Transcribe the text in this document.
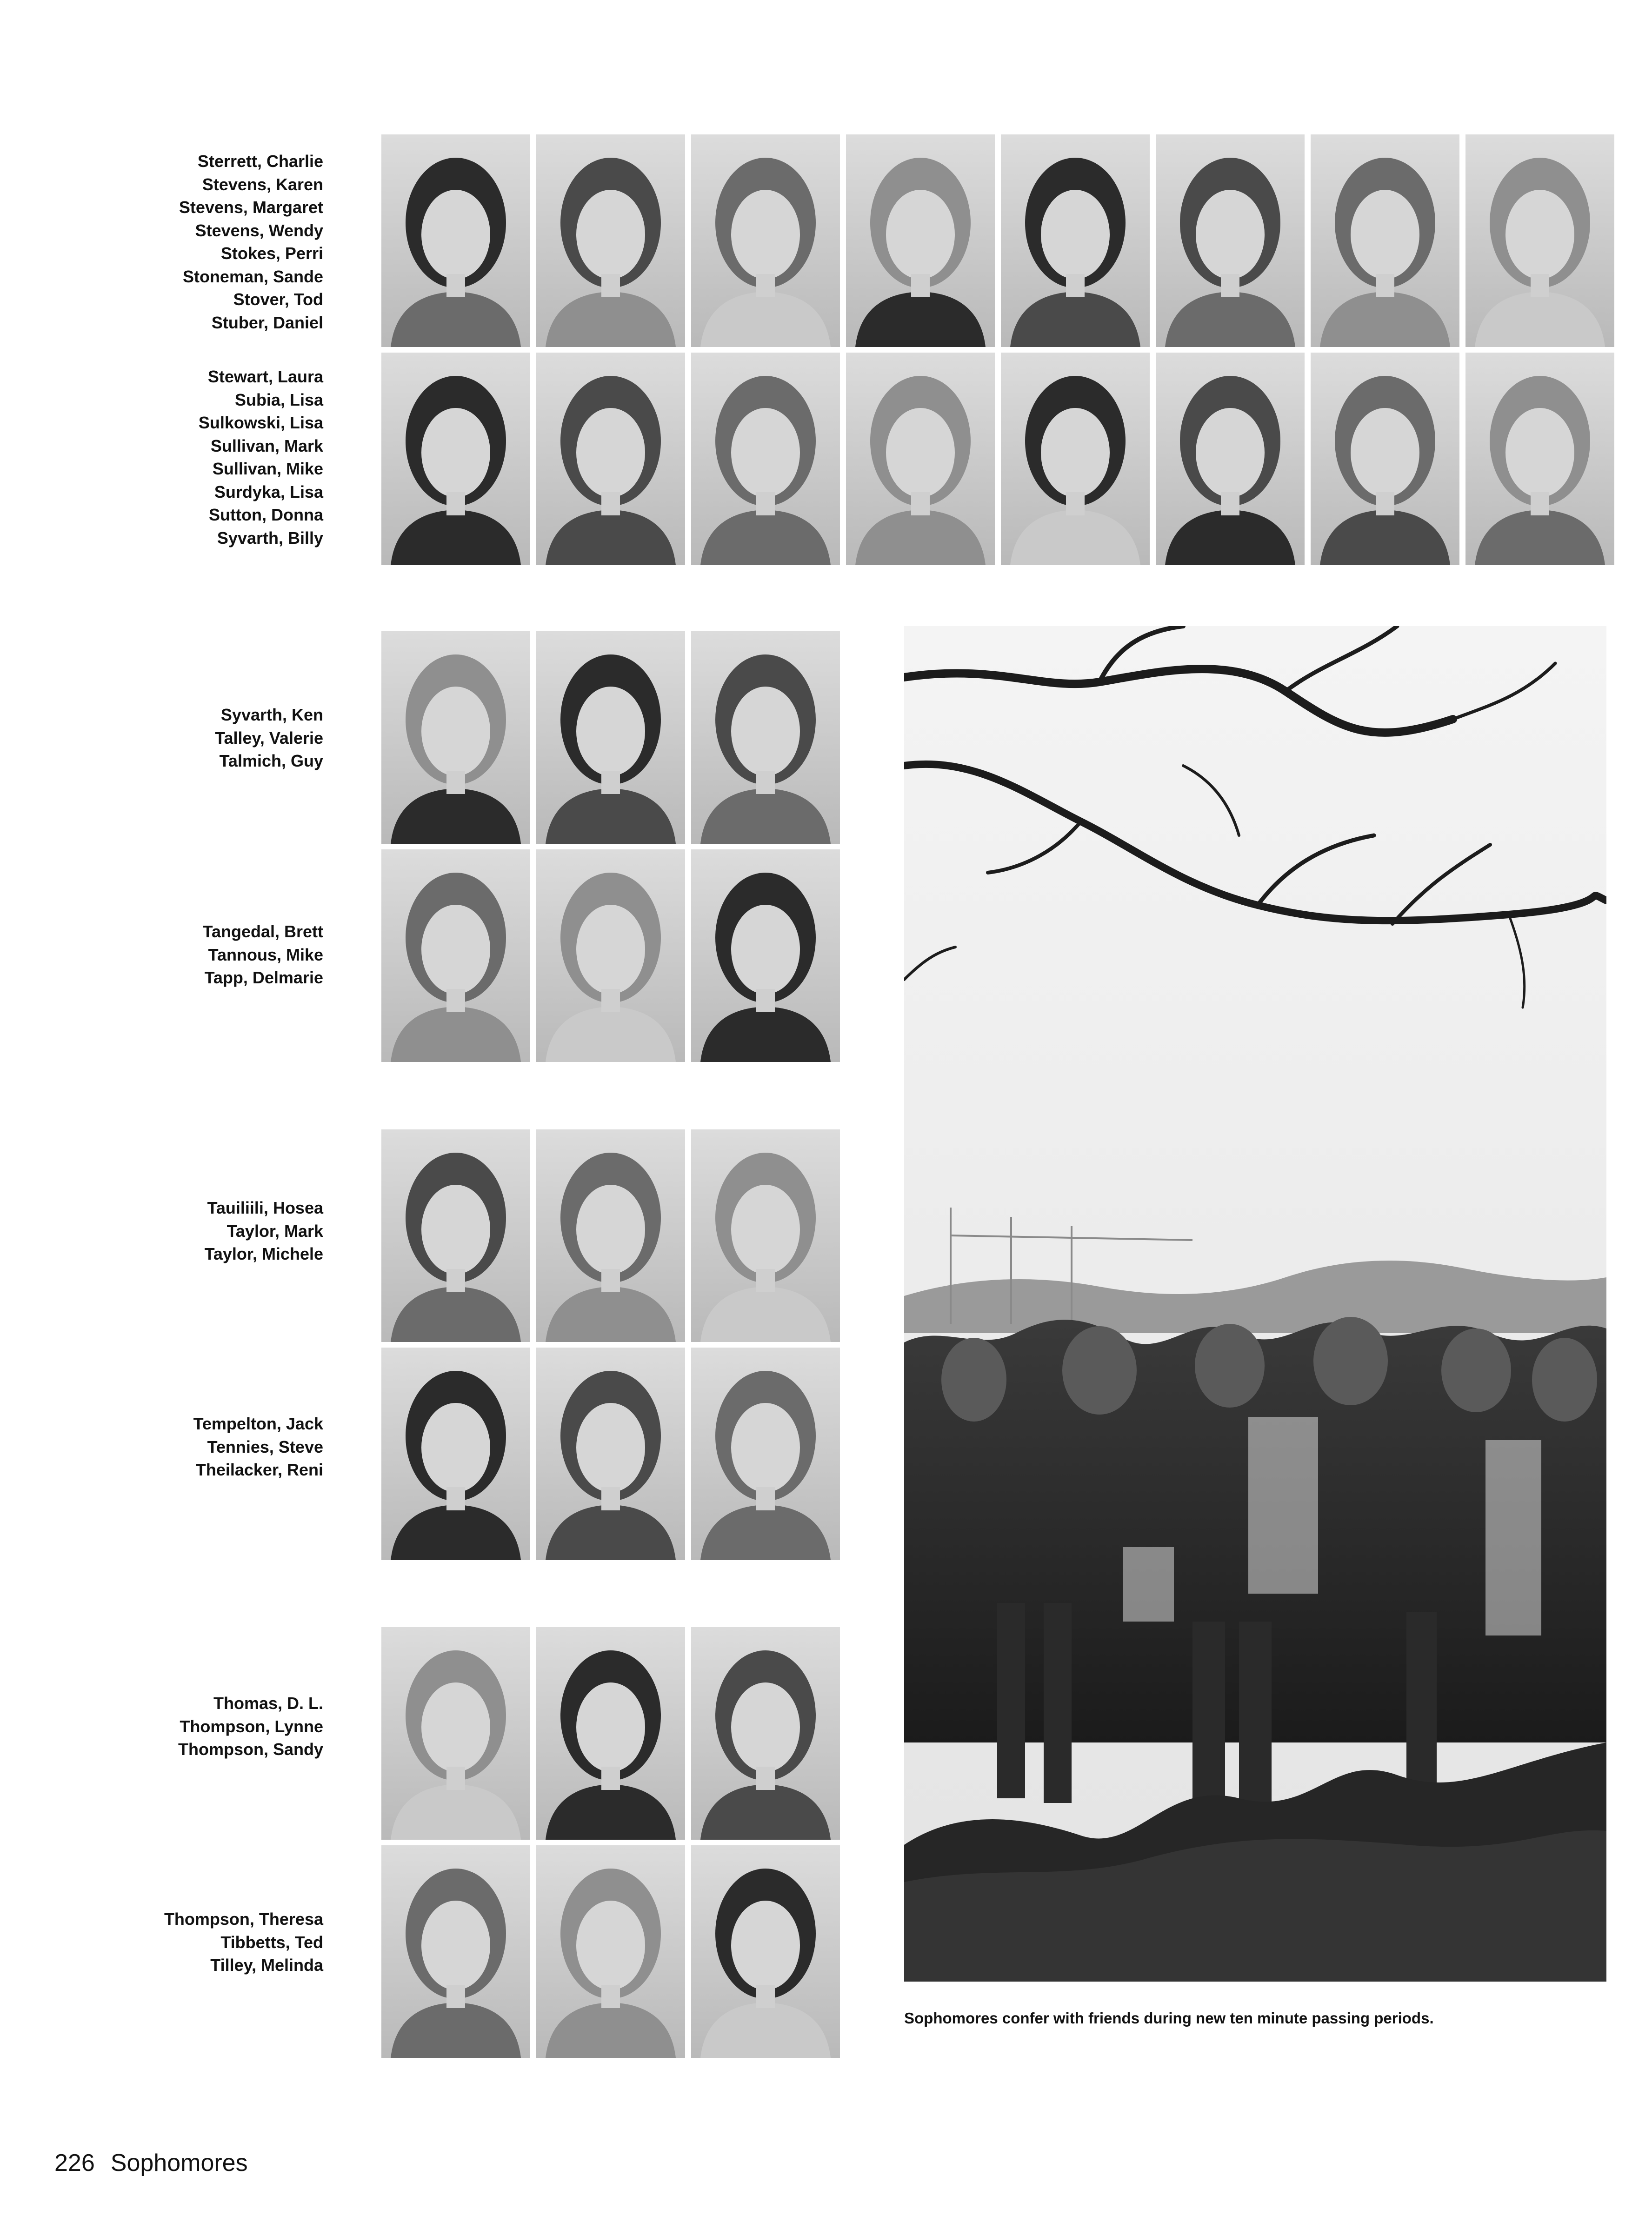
Sterrett, Charlie
Stevens, Karen
Stevens, Margaret
Stevens, Wendy
Stokes, Perri
Stoneman, Sande
Stover, Tod
Stuber, Daniel
Stewart, Laura
Subia, Lisa
Sulkowski, Lisa
Sullivan, Mark
Sullivan, Mike
Surdyka, Lisa
Sutton, Donna
Syvarth, Billy
Syvarth, Ken
Talley, Valerie
Talmich, Guy
Tangedal, Brett
Tannous, Mike
Tapp, Delmarie
Tauiliili, Hosea
Taylor, Mark
Taylor, Michele
Tempelton, Jack
Tennies, Steve
Theilacker, Reni
Thomas, D. L.
Thompson, Lynne
Thompson, Sandy
Thompson, Theresa
Tibbetts, Ted
Tilley, Melinda
Sophomores confer with friends during new ten minute passing periods.
226 Sophomores
